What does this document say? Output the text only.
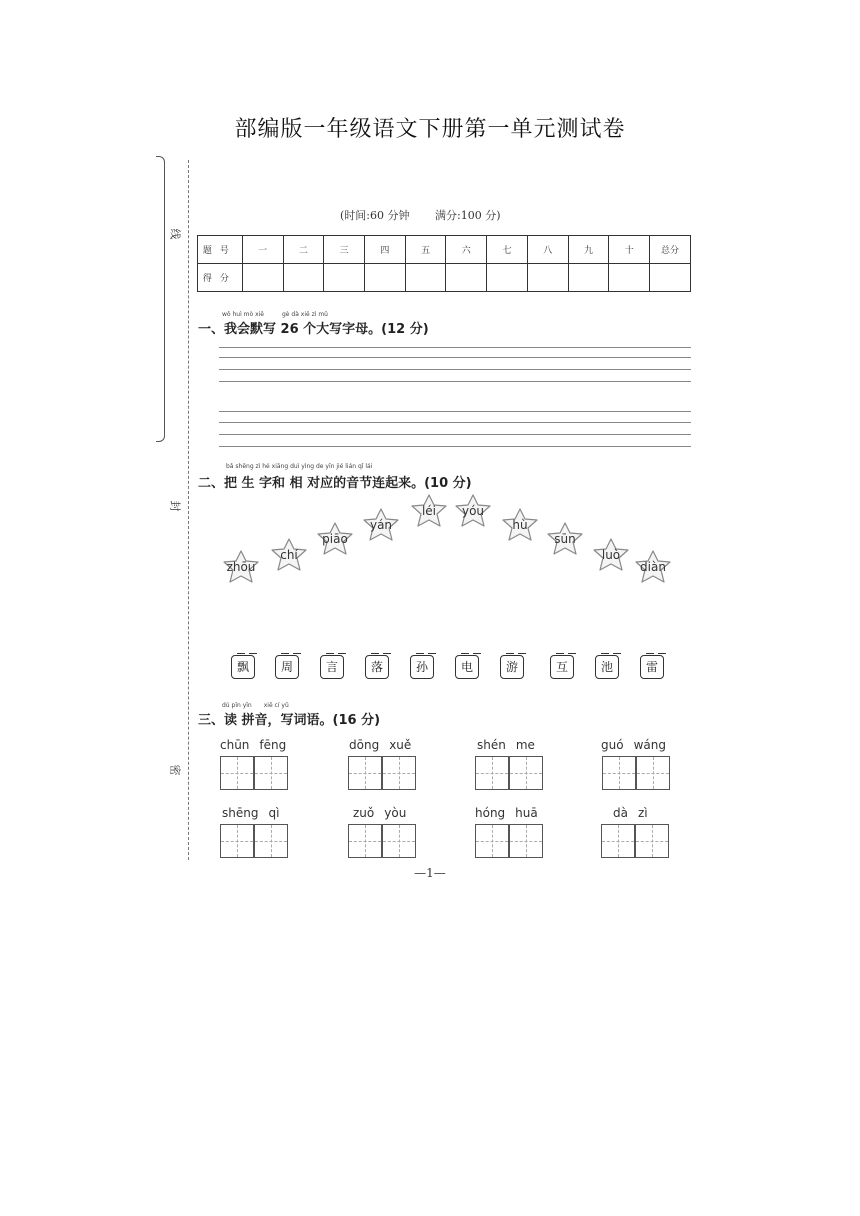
部编版一年级语文下册第一单元测试卷
线
封
密
(时间:60 分钟 满分:100 分)
题号	一	二	三	四	五	六	七	八	九	十	总分
得分											
wǒ huì mò xiě　　　gè dà xiě zì mǔ
一、我会默写 26 个大写字母。(12 分)
bǎ shēng zì hé xiāng duì yìng de yīn jié lián qǐ lái
二、把 生 字和 相 对应的音节连起来。(10 分)
zhōu
chí
piāo
yán
léi	yóu
hù
sūn
luò
diàn
飘	周	言	落	孙	电	游	互	池	雷
dú pīn yīn　　xiě cí yǔ
三、读 拼音，写词语。(16 分)
chūn fēng	dōng xuě	shén me	guó wáng
shēng qì	zuǒ yòu	hóng huā	dà zì
—1—
